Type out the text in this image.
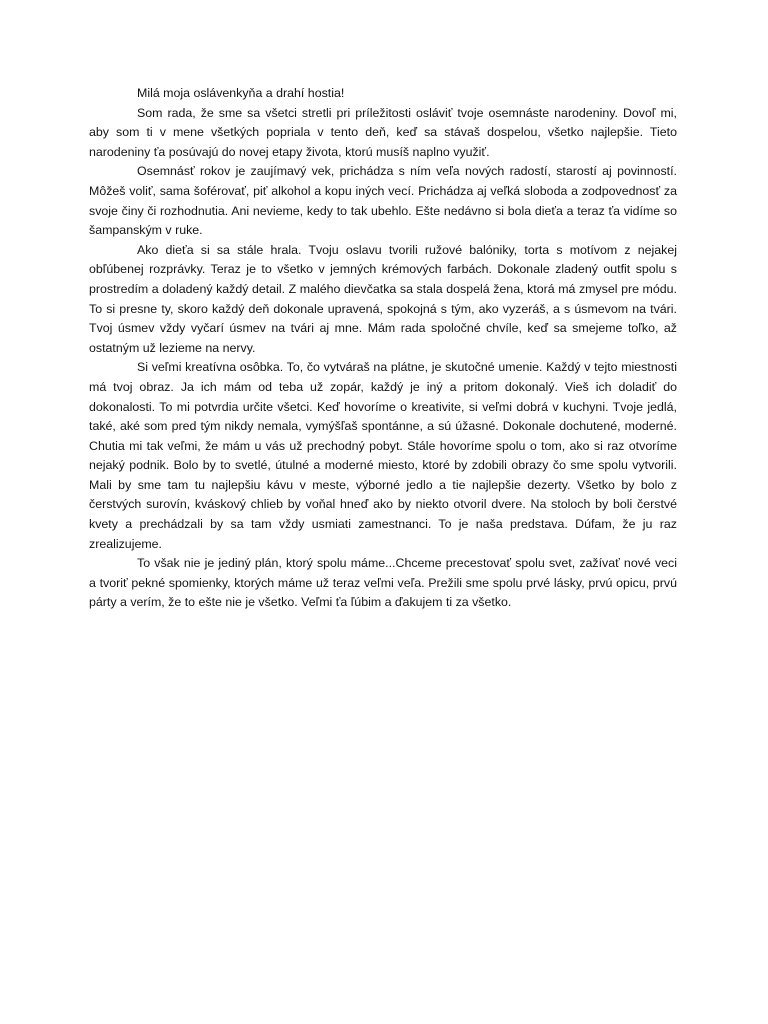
Milá moja oslávenkyňa a drahí hostia!

Som rada, že sme sa všetci stretli pri príležitosti osláviť tvoje osemnáste narodeniny. Dovoľ mi, aby som ti v mene všetkých popriala v tento deň, keď sa stávaš dospelou, všetko najlepšie. Tieto narodeniny ťa posúvajú do novej etapy života, ktorú musíš naplno využiť.

Osemnásť rokov je zaujímavý vek, prichádza s ním veľa nových radostí, starostí aj povinností. Môžeš voliť, sama šoférovať, piť alkohol a kopu iných vecí. Prichádza aj veľká sloboda a zodpovednosť za svoje činy či rozhodnutia. Ani nevieme, kedy to tak ubehlo. Ešte nedávno si bola dieťa a teraz ťa vidíme so šampanským v ruke.

Ako dieťa si sa stále hrala. Tvoju oslavu tvorili ružové balóniky, torta s motívom z nejakej obľúbenej rozprávky. Teraz je to všetko v jemných krémových farbách. Dokonale zladený outfit spolu s prostredím a doladený každý detail. Z malého dievčatka sa stala dospelá žena, ktorá má zmysel pre módu. To si presne ty, skoro každý deň dokonale upravená, spokojná s tým, ako vyzeráš, a s úsmevom na tvári. Tvoj úsmev vždy vyčarí úsmev na tvári aj mne. Mám rada spoločné chvíle, keď sa smejeme toľko, až ostatným už lezieme na nervy.

Si veľmi kreatívna osôbka. To, čo vytváraš na plátne, je skutočné umenie. Každý v tejto miestnosti má tvoj obraz. Ja ich mám od teba už zopár, každý je iný a pritom dokonalý. Vieš ich doladiť do dokonalosti. To mi potvrdia určite všetci. Keď hovoríme o kreativite, si veľmi dobrá v kuchyni. Tvoje jedlá, také, aké som pred tým nikdy nemala, vymýšľaš spontánne, a sú úžasné. Dokonale dochutené, moderné. Chutia mi tak veľmi, že mám u vás už prechodný pobyt. Stále hovoríme spolu o tom, ako si raz otvoríme nejaký podnik. Bolo by to svetlé, útulné a moderné miesto, ktoré by zdobili obrazy čo sme spolu vytvorili. Mali by sme tam tu najlepšiu kávu v meste, výborné jedlo a tie najlepšie dezerty. Všetko by bolo z čerstvých surovín, kváskový chlieb by voňal hneď ako by niekto otvoril dvere. Na stoloch by boli čerstvé kvety a prechádzali by sa tam vždy usmiati zamestnanci. To je naša predstava. Dúfam, že ju raz zrealizujeme.

To však nie je jediný plán, ktorý spolu máme...Chceme precestovať spolu svet, zažívať nové veci a tvoriť pekné spomienky, ktorých máme už teraz veľmi veľa. Prežili sme spolu prvé lásky, prvú opicu, prvú párty a verím, že to ešte nie je všetko. Veľmi ťa ľúbim a ďakujem ti za všetko.
